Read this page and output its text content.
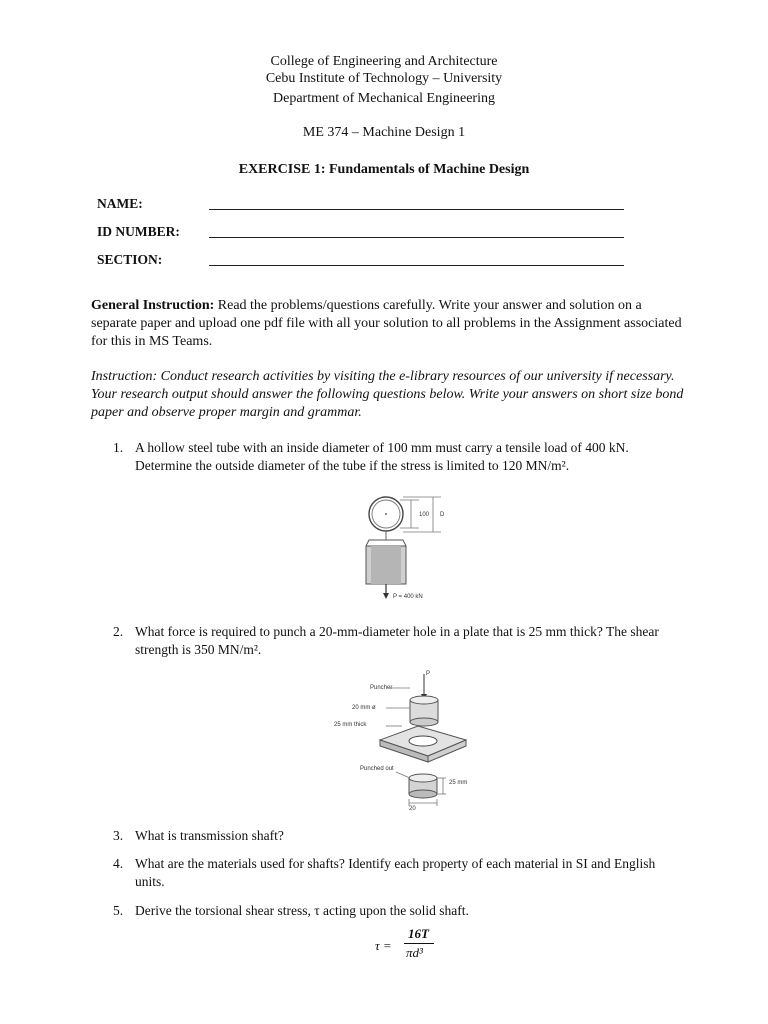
College of Engineering and Architecture
Cebu Institute of Technology – University
Department of Mechanical Engineering
ME 374 – Machine Design 1
EXERCISE 1: Fundamentals of Machine Design
NAME:
ID NUMBER:
SECTION:
General Instruction: Read the problems/questions carefully. Write your answer and solution on a separate paper and upload one pdf file with all your solution to all problems in the Assignment associated for this in MS Teams.
Instruction: Conduct research activities by visiting the e-library resources of our university if necessary. Your research output should answer the following questions below. Write your answers on short size bond paper and observe proper margin and grammar.
1. A hollow steel tube with an inside diameter of 100 mm must carry a tensile load of 400 kN. Determine the outside diameter of the tube if the stress is limited to 120 MN/m².
100 D
P = 400 kN
2. What force is required to punch a 20-mm-diameter hole in a plate that is 25 mm thick? The shear strength is 350 MN/m².
P
Puncher
20 mm ø
25 mm thick
Punched out
25 mm
20
3. What is transmission shaft?
4. What are the materials used for shafts? Identify each property of each material in SI and English units.
5. Derive the torsional shear stress, τ acting upon the solid shaft.
τ =
16T
πd³
